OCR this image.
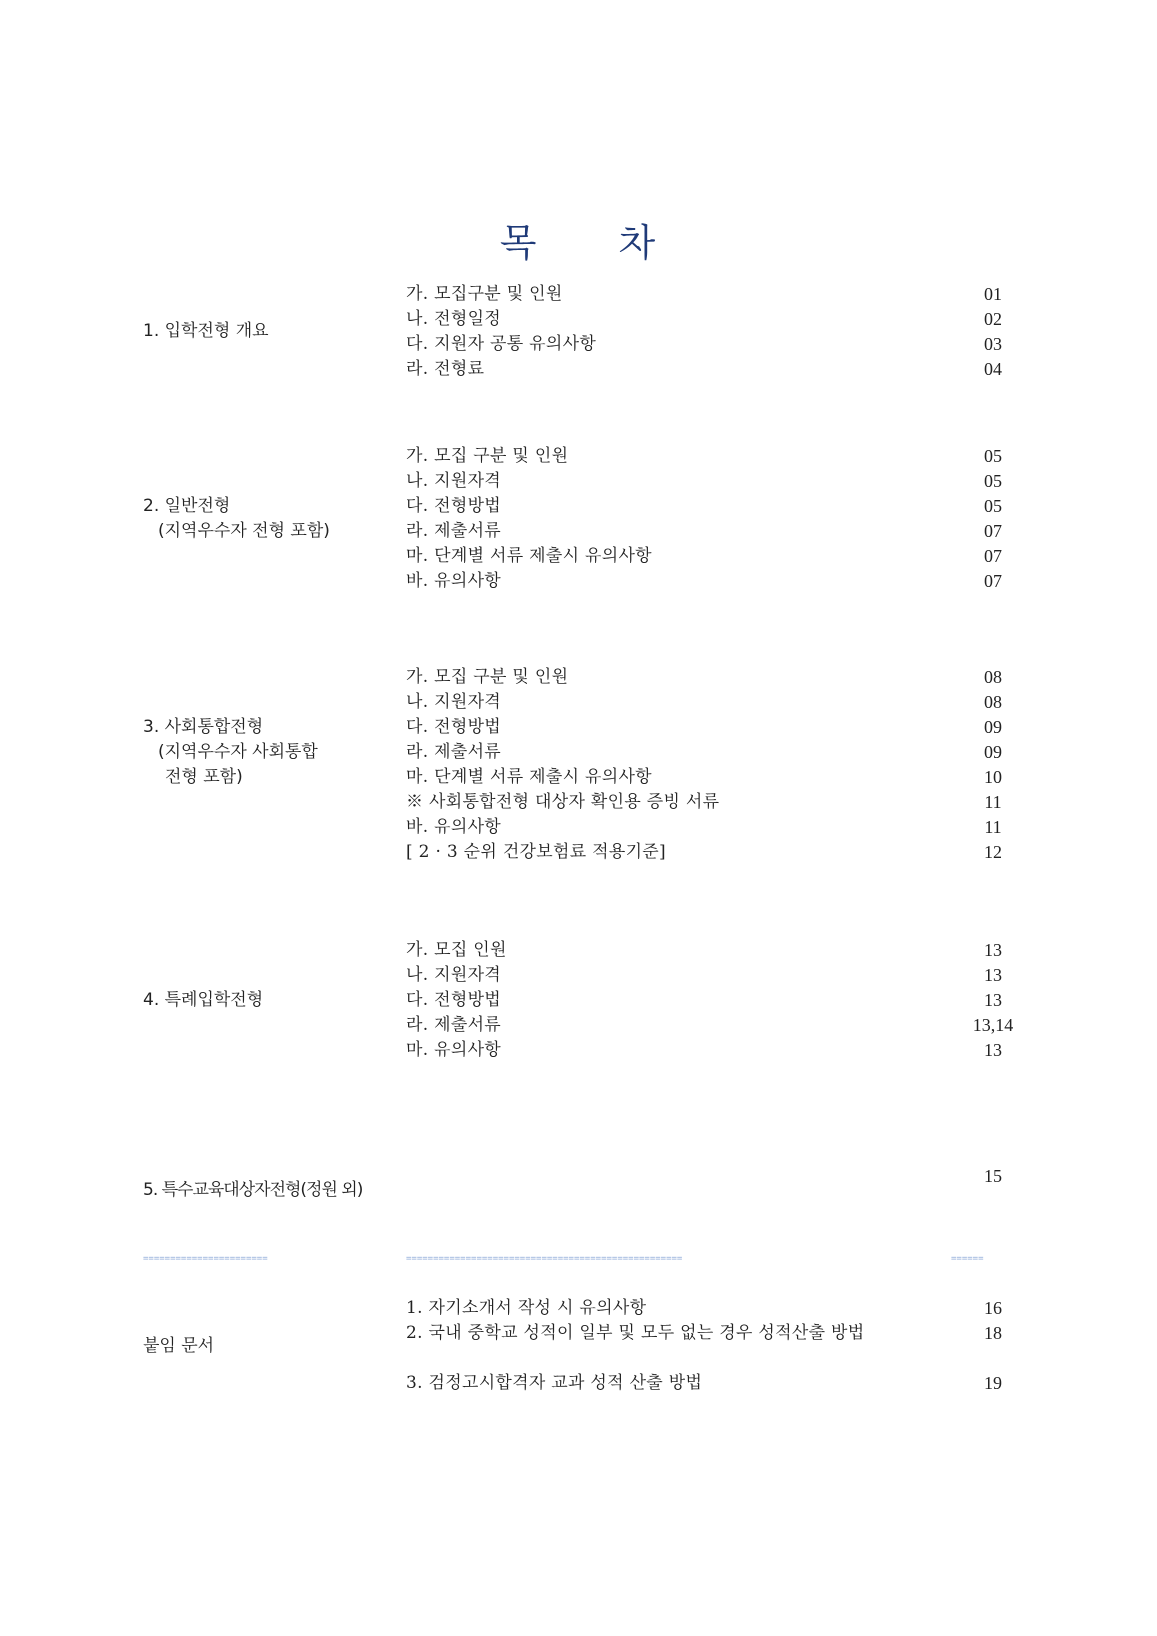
목 차
1. 입학전형 개요
가. 모집구분 및 인원	01
나. 전형일정	02
다. 지원자 공통 유의사항	03
라. 전형료	04
2. 일반전형
(지역우수자 전형 포함)
가. 모집 구분 및 인원	05
나. 지원자격	05
다. 전형방법	05
라. 제출서류	07
마. 단계별 서류 제출시 유의사항	07
바. 유의사항	07
3. 사회통합전형
(지역우수자 사회통합
전형 포함)
가. 모집 구분 및 인원	08
나. 지원자격	08
다. 전형방법	09
라. 제출서류	09
마. 단계별 서류 제출시 유의사항	10
※ 사회통합전형 대상자 확인용 증빙 서류	11
바. 유의사항	11
[ 2 · 3 순위 건강보험료 적용기준]	12
4. 특례입학전형
가. 모집 인원	13
나. 지원자격	13
다. 전형방법	13
라. 제출서류	13,14
마. 유의사항	13
5. 특수교육대상자전형(정원 외)
15
=======================	===================================================	======
붙임 문서
1. 자기소개서 작성 시 유의사항	16
2. 국내 중학교 성적이 일부 및 모두 없는 경우 성적산출 방법	18
3. 검정고시합격자 교과 성적 산출 방법	19
